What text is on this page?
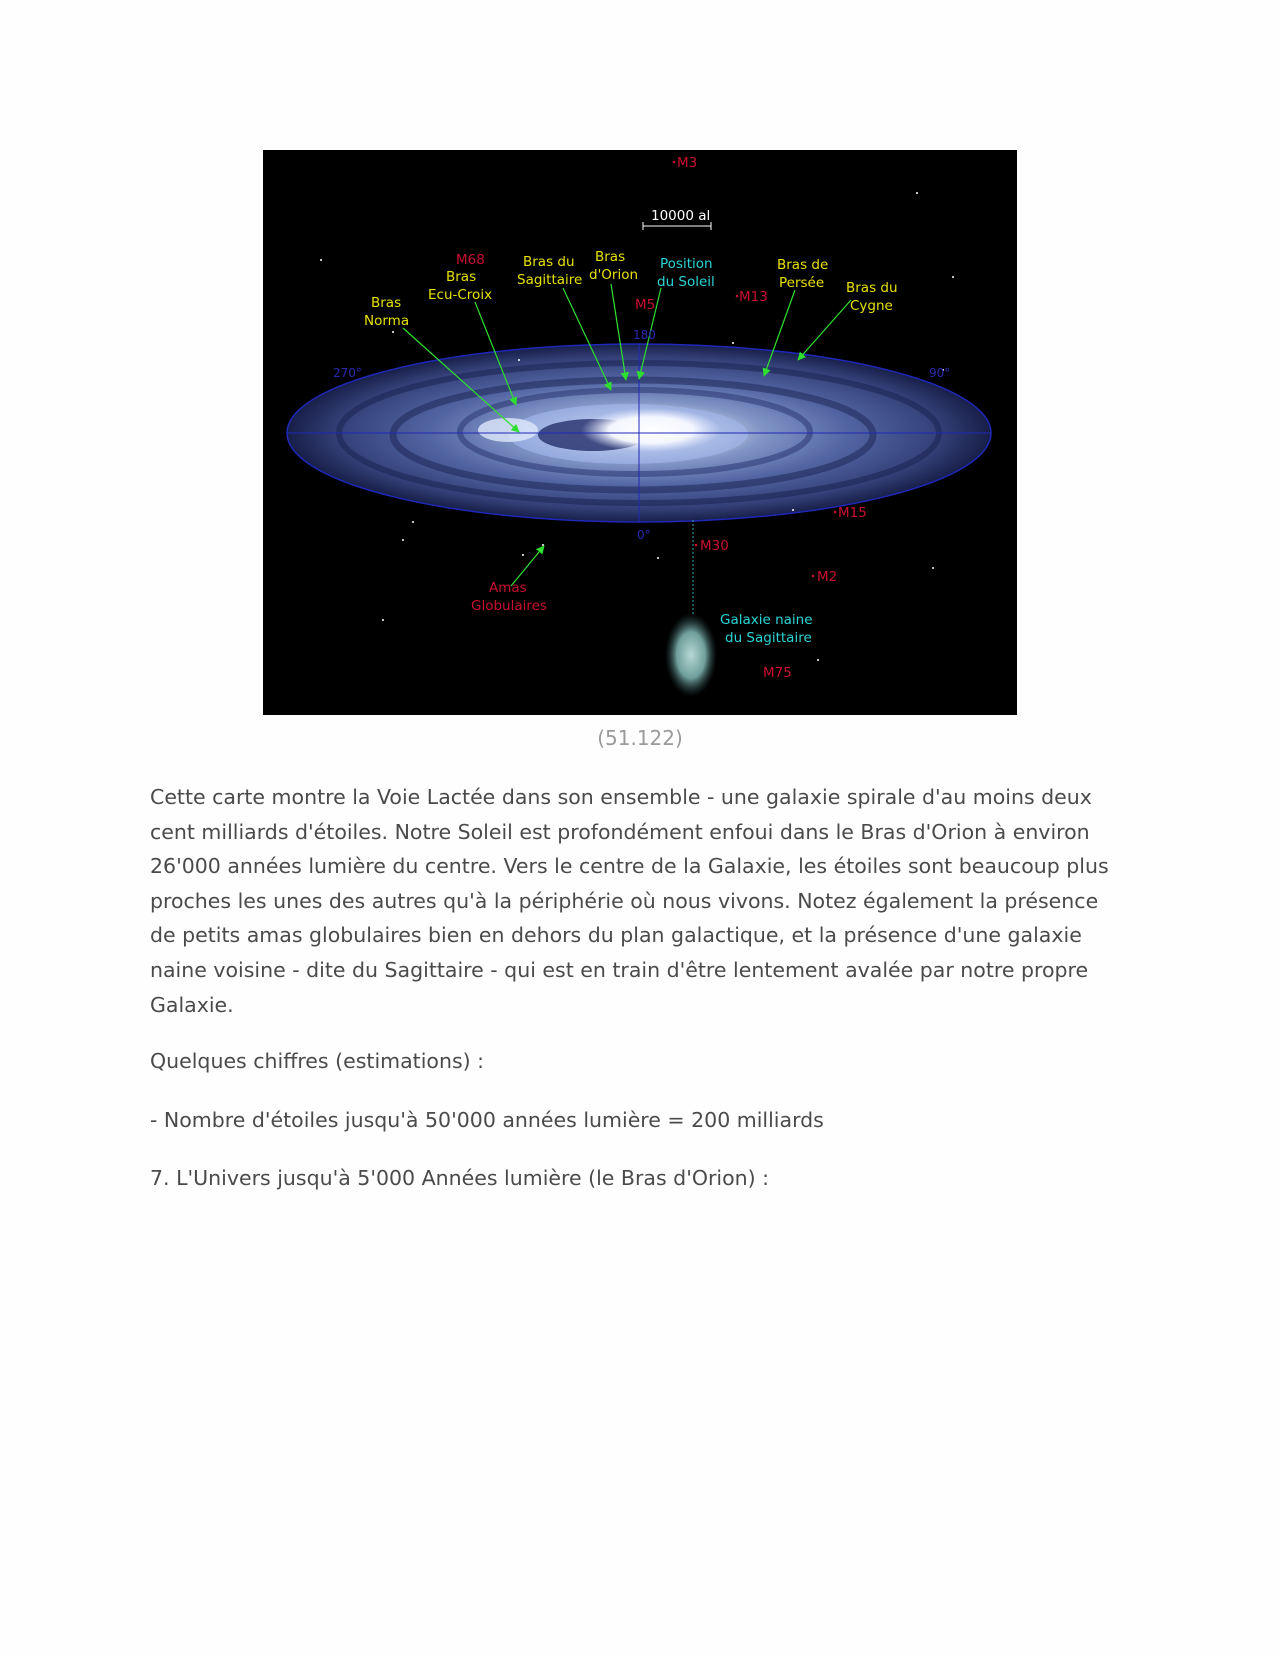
10000 al
M3
M68
Bras
Ecu-Croix
Bras
Norma
Bras du
Sagittaire
Bras
d'Orion
M5
Position
du Soleil
Bras de
Persée
M13
Bras du
Cygne
180
270°	90°
0°
M15
M30
M2
Amas
Globulaires
Galaxie naine
du Sagittaire
M75
(51.122)

Cette carte montre la Voie Lactée dans son ensemble - une galaxie spirale d'au moins deux cent milliards d'étoiles. Notre Soleil est profondément enfoui dans le Bras d'Orion à environ 26'000 années lumière du centre. Vers le centre de la Galaxie, les étoiles sont beaucoup plus proches les unes des autres qu'à la périphérie où nous vivons. Notez également la présence de petits amas globulaires bien en dehors du plan galactique, et la présence d'une galaxie naine voisine - dite du Sagittaire - qui est en train d'être lentement avalée par notre propre Galaxie.

Quelques chiffres (estimations) :

- Nombre d'étoiles jusqu'à 50'000 années lumière = 200 milliards

7. L'Univers jusqu'à 5'000 Années lumière (le Bras d'Orion) :
